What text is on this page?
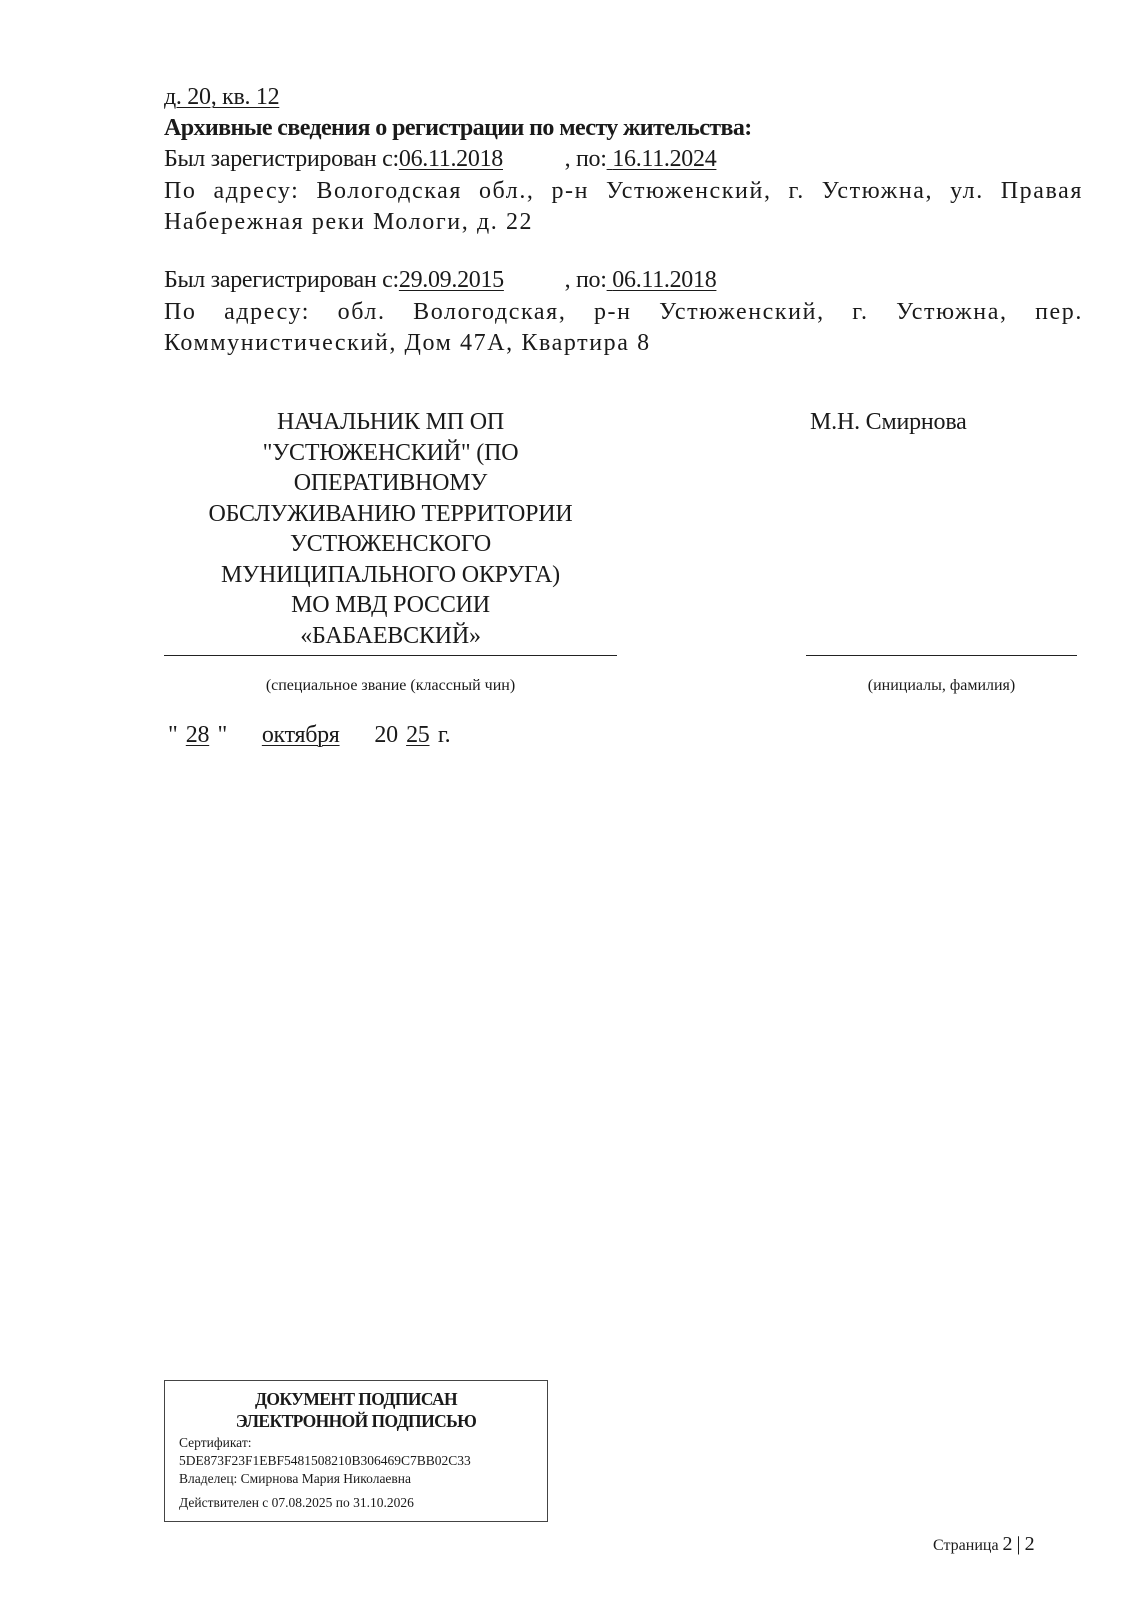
д. 20, кв. 12
Архивные сведения о регистрации по месту жительства:
Был зарегистрирован с:06.11.2018	, по: 16.11.2024
По адресу: Вологодская обл., р-н Устюженский, г. Устюжна, ул. Правая
Набережная реки Мологи, д. 22
Был зарегистрирован с:29.09.2015	, по: 06.11.2018
По адресу: обл. Вологодская, р-н Устюженский, г. Устюжна, пер.
Коммунистический, Дом 47А, Квартира 8
НАЧАЛЬНИК МП ОП
"УСТЮЖЕНСКИЙ" (ПО
ОПЕРАТИВНОМУ
ОБСЛУЖИВАНИЮ ТЕРРИТОРИИ
УСТЮЖЕНСКОГО
МУНИЦИПАЛЬНОГО ОКРУГА)
МО МВД РОССИИ
«БАБАЕВСКИЙ»
М.Н. Смирнова
(специальное звание (классный чин)	(инициалы, фамилия)
" 28 " октября 20 25 г.
ДОКУМЕНТ ПОДПИСАН
ЭЛЕКТРОННОЙ ПОДПИСЬЮ
Сертификат:
5DE873F23F1EBF5481508210B306469C7BB02C33
Владелец: Смирнова Мария Николаевна
Действителен с 07.08.2025 по 31.10.2026
Страница 2 | 2
